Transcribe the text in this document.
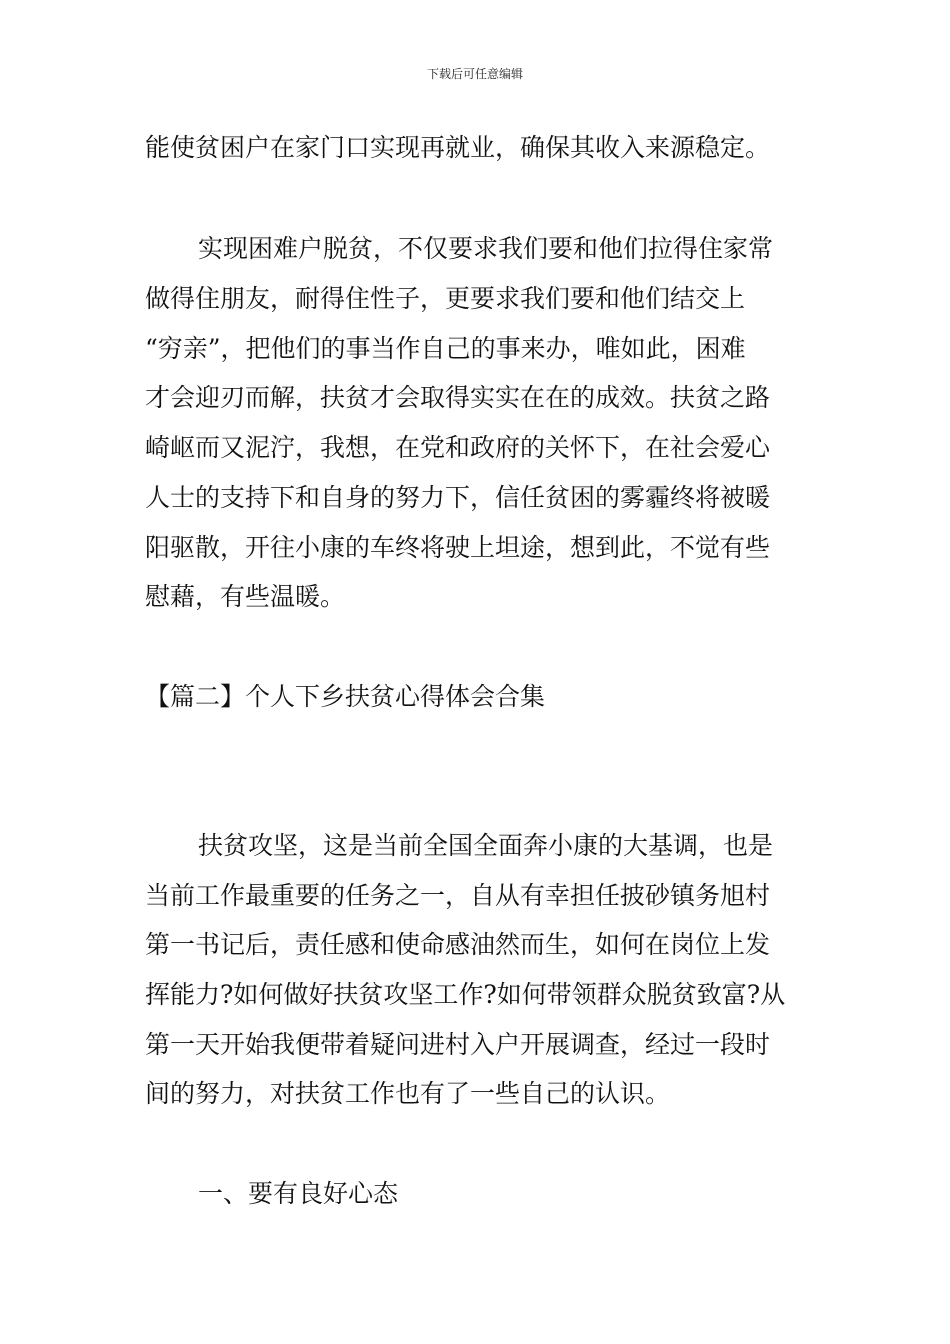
下载后可任意编辑
能使贫困户在家门口实现再就业，确保其收入来源稳定。
实现困难户脱贫，不仅要求我们要和他们拉得住家常
做得住朋友，耐得住性子，更要求我们要和他们结交上
“穷亲”，把他们的事当作自己的事来办，唯如此，困难
才会迎刃而解，扶贫才会取得实实在在的成效。扶贫之路
崎岖而又泥泞，我想，在党和政府的关怀下，在社会爱心
人士的支持下和自身的努力下，信任贫困的雾霾终将被暖
阳驱散，开往小康的车终将驶上坦途，想到此，不觉有些
慰藉，有些温暖。
【篇二】个人下乡扶贫心得体会合集
扶贫攻坚，这是当前全国全面奔小康的大基调，也是
当前工作最重要的任务之一，自从有幸担任披砂镇务旭村
第一书记后，责任感和使命感油然而生，如何在岗位上发
挥能力?如何做好扶贫攻坚工作?如何带领群众脱贫致富?从
第一天开始我便带着疑问进村入户开展调查，经过一段时
间的努力，对扶贫工作也有了一些自己的认识。
一、要有良好心态
